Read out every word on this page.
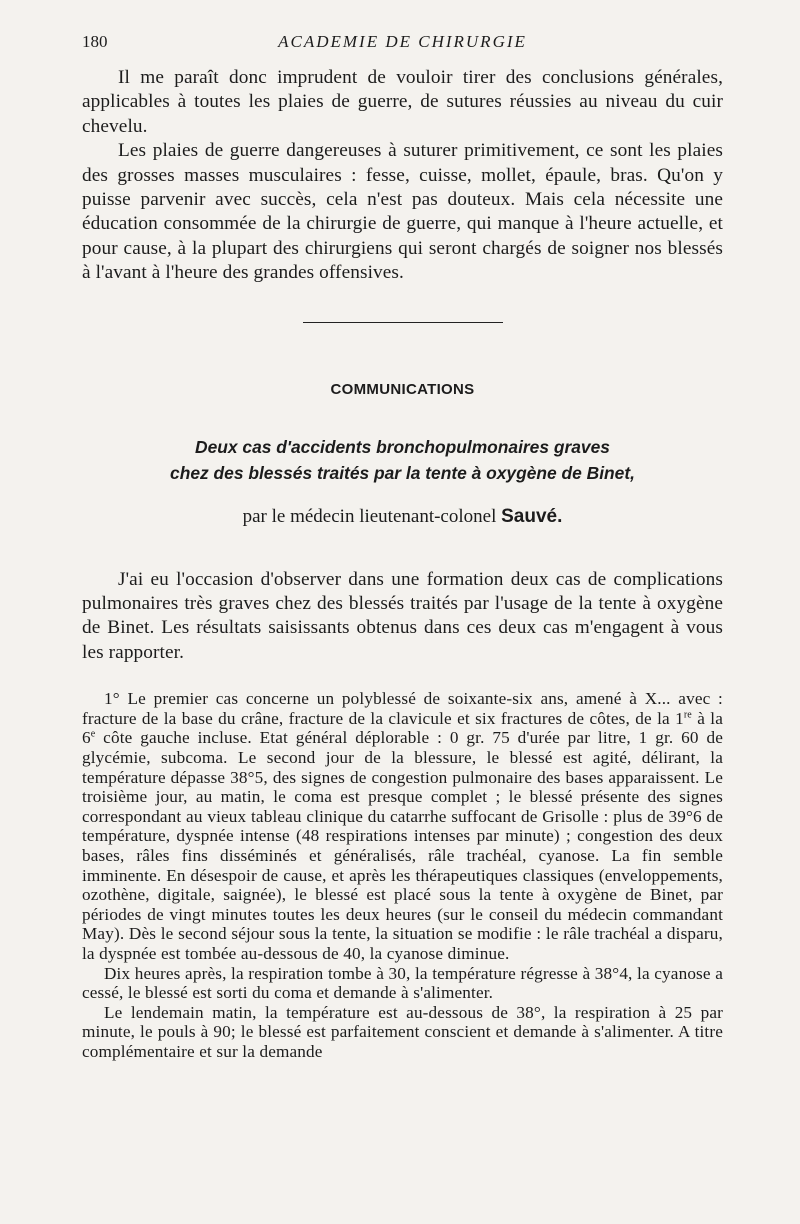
180	ACADEMIE DE CHIRURGIE

Il me paraît donc imprudent de vouloir tirer des conclusions générales, applicables à toutes les plaies de guerre, de sutures réussies au niveau du cuir chevelu.

Les plaies de guerre dangereuses à suturer primitivement, ce sont les plaies des grosses masses musculaires : fesse, cuisse, mollet, épaule, bras. Qu'on y puisse parvenir avec succès, cela n'est pas douteux. Mais cela nécessite une éducation consommée de la chirurgie de guerre, qui manque à l'heure actuelle, et pour cause, à la plupart des chirurgiens qui seront chargés de soigner nos blessés à l'avant à l'heure des grandes offensives.

COMMUNICATIONS
Deux cas d'accidents bronchopulmonaires graves
chez des blessés traités par la tente à oxygène de Binet,
par le médecin lieutenant-colonel Sauvé.

J'ai eu l'occasion d'observer dans une formation deux cas de complications pulmonaires très graves chez des blessés traités par l'usage de la tente à oxygène de Binet. Les résultats saisissants obtenus dans ces deux cas m'engagent à vous les rapporter.

1° Le premier cas concerne un polyblessé de soixante-six ans, amené à X... avec : fracture de la base du crâne, fracture de la clavicule et six fractures de côtes, de la 1re à la 6e côte gauche incluse. Etat général déplorable : 0 gr. 75 d'urée par litre, 1 gr. 60 de glycémie, subcoma. Le second jour de la blessure, le blessé est agité, délirant, la température dépasse 38°5, des signes de congestion pulmonaire des bases apparaissent. Le troisième jour, au matin, le coma est presque complet ; le blessé présente des signes correspondant au vieux tableau clinique du catarrhe suffocant de Grisolle : plus de 39°6 de température, dyspnée intense (48 respirations intenses par minute) ; congestion des deux bases, râles fins disséminés et généralisés, râle trachéal, cyanose. La fin semble imminente. En désespoir de cause, et après les thérapeutiques classiques (enveloppements, ozothène, digitale, saignée), le blessé est placé sous la tente à oxygène de Binet, par périodes de vingt minutes toutes les deux heures (sur le conseil du médecin commandant May). Dès le second séjour sous la tente, la situation se modifie : le râle trachéal a disparu, la dyspnée est tombée au-dessous de 40, la cyanose diminue.

Dix heures après, la respiration tombe à 30, la température régresse à 38°4, la cyanose a cessé, le blessé est sorti du coma et demande à s'alimenter.

Le lendemain matin, la température est au-dessous de 38°, la respiration à 25 par minute, le pouls à 90; le blessé est parfaitement conscient et demande à s'alimenter. A titre complémentaire et sur la demande
